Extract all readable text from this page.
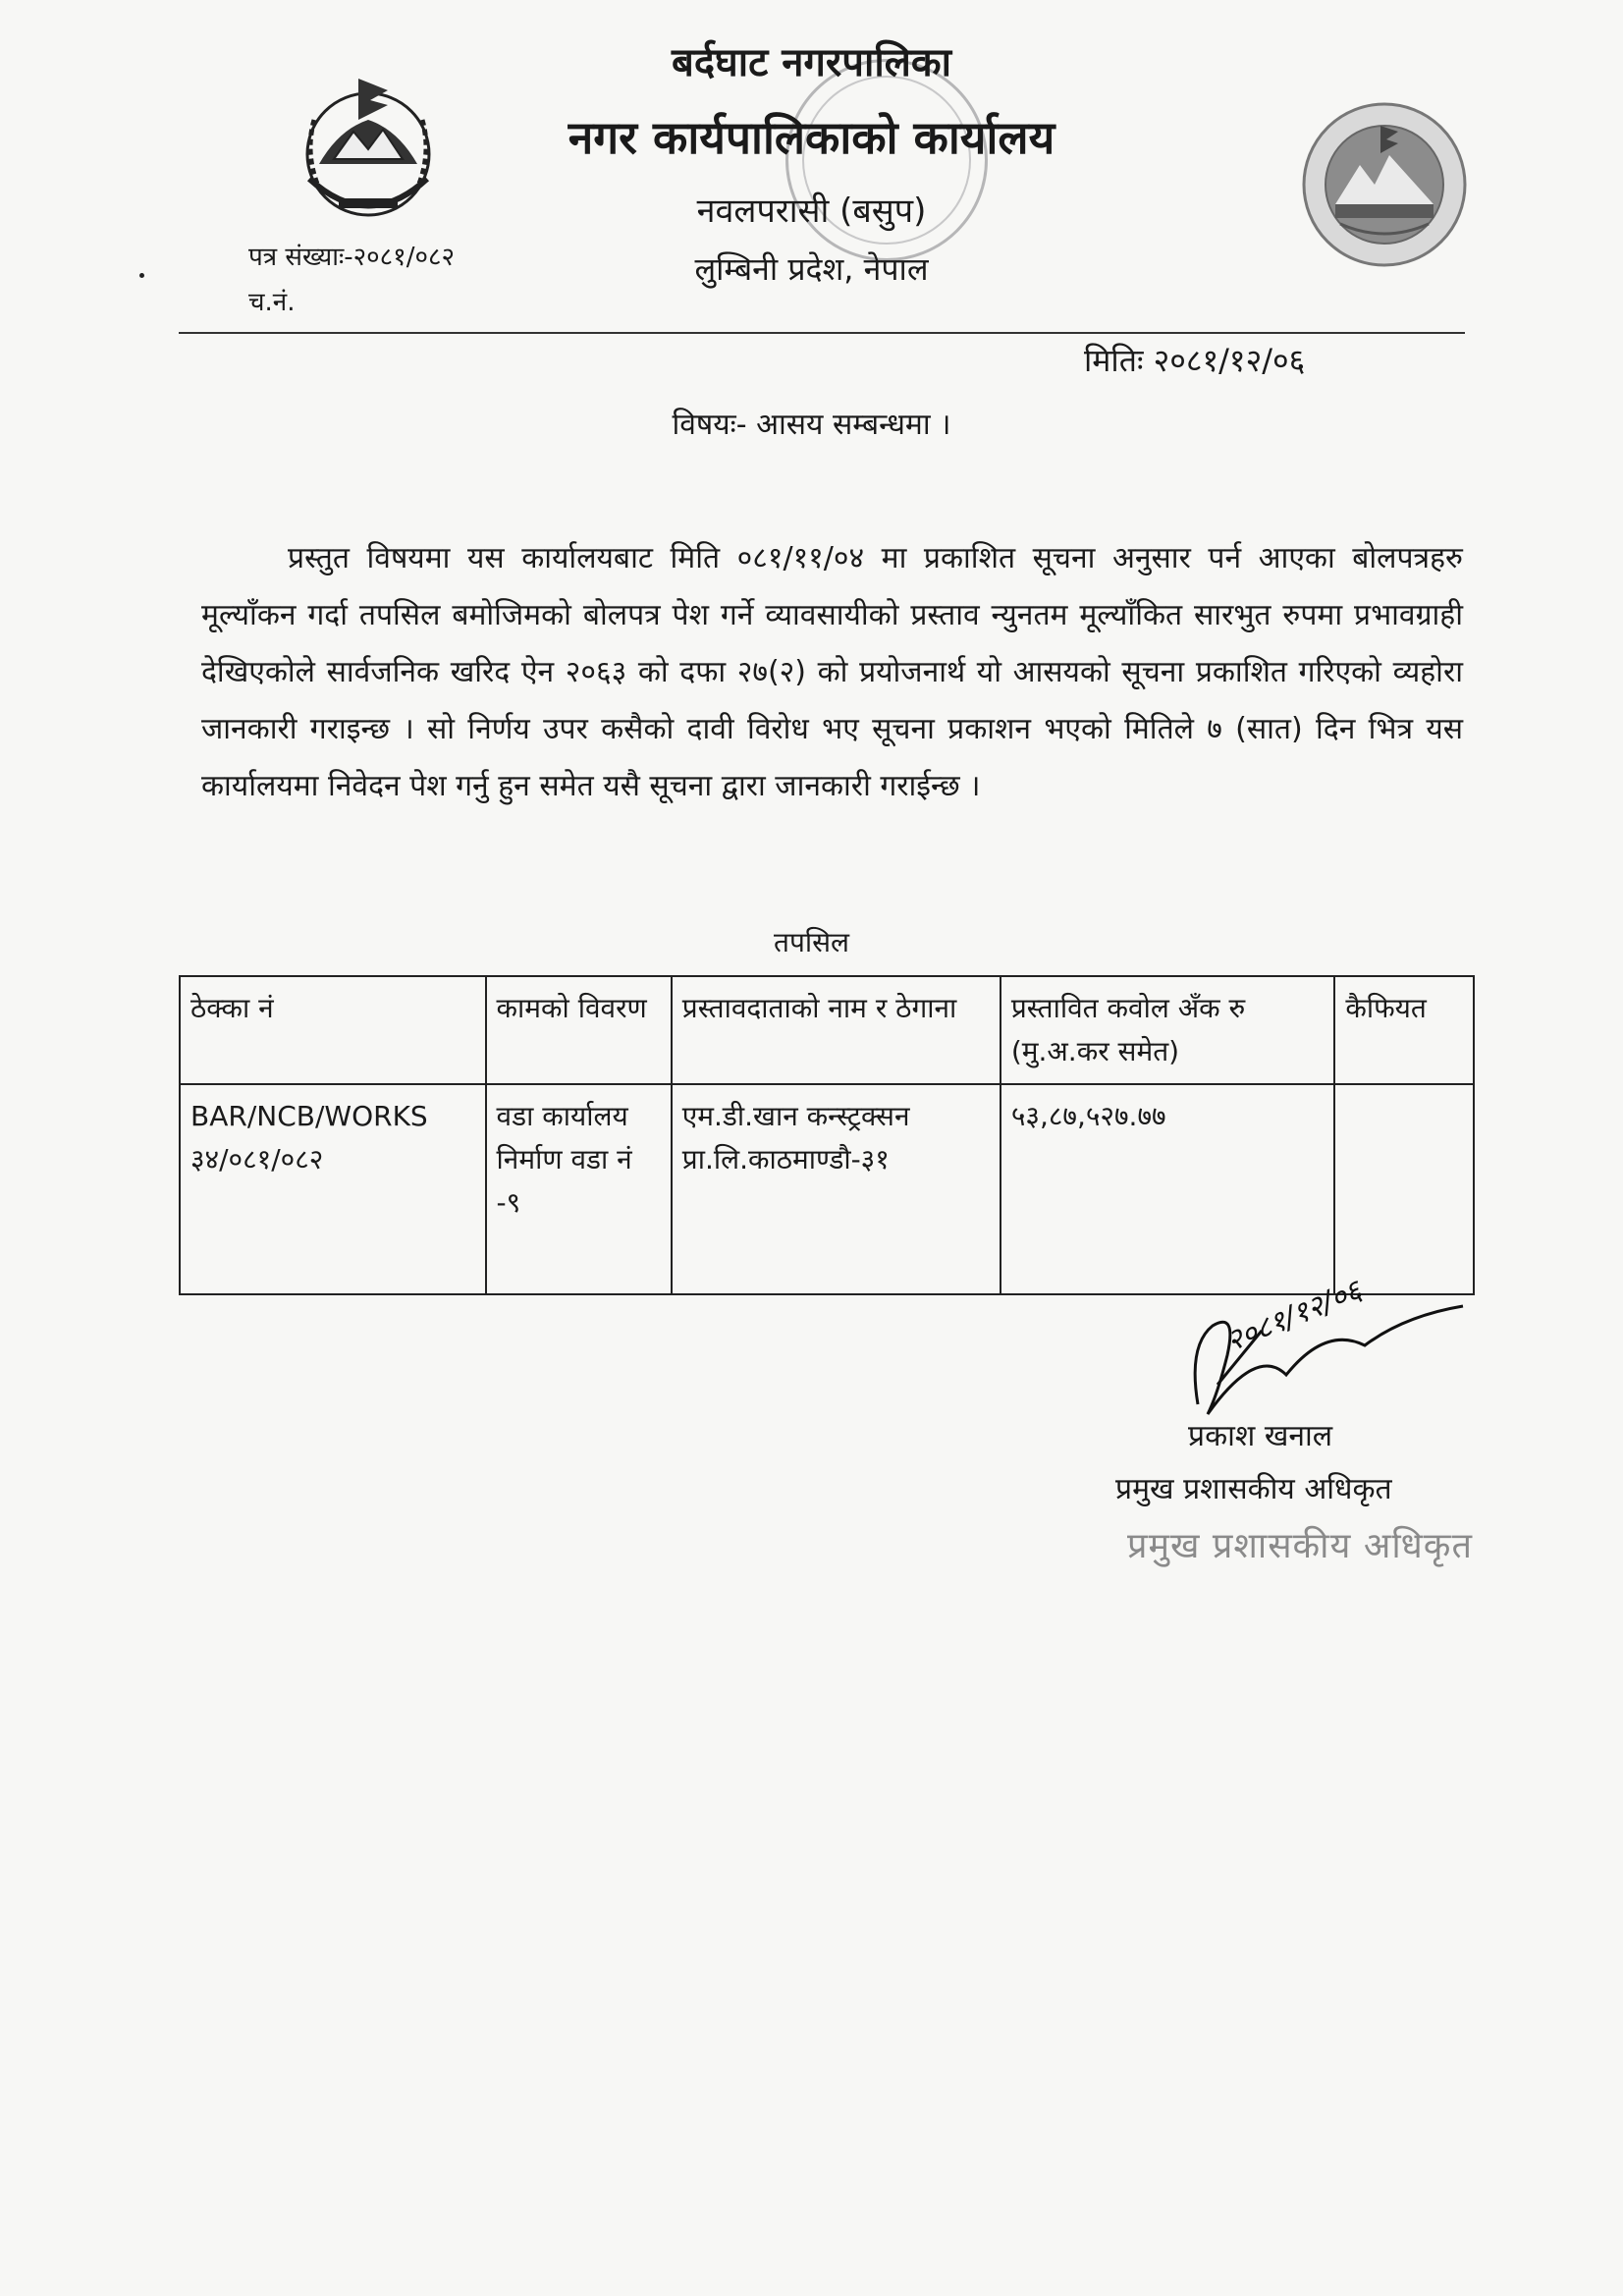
बर्दघाट नगरपालिका
नगर कार्यपालिकाको कार्यालय
नवलपरासी (बसुप)
लुम्बिनी प्रदेश, नेपाल
पत्र संख्याः-२०८१/०८२
च.नं.
मितिः २०८१/१२/०६
विषयः- आसय सम्बन्धमा ।
प्रस्तुत विषयमा यस कार्यालयबाट मिति ०८१/११/०४ मा प्रकाशित सूचना अनुसार पर्न आएका बोलपत्रहरु मूल्याँकन गर्दा तपसिल बमोजिमको बोलपत्र पेश गर्ने व्यावसायीको प्रस्ताव न्युनतम मूल्याँकित सारभुत रुपमा प्रभावग्राही देखिएकोले सार्वजनिक खरिद ऐन २०६३ को दफा २७(२) को प्रयोजनार्थ यो आसयको सूचना प्रकाशित गरिएको व्यहोरा जानकारी गराइन्छ । सो निर्णय उपर कसैको दावी विरोध भए सूचना प्रकाशन भएको मितिले ७ (सात) दिन भित्र यस कार्यालयमा निवेदन पेश गर्नु हुन समेत यसै सूचना द्वारा जानकारी गराईन्छ ।
तपसिल
ठेक्का नं	कामको विवरण	प्रस्तावदाताको नाम र ठेगाना	प्रस्तावित कवोल अँक रु (मु.अ.कर समेत)	कैफियत
BAR/NCB/WORKS ३४/०८१/०८२	वडा कार्यालय निर्माण वडा नं -९	एम.डी.खान कन्स्ट्रक्सन प्रा.लि.काठमाण्डौ-३१	५३,८७,५२७.७७	
२०८१/१२/०६
प्रकाश खनाल
प्रमुख प्रशासकीय अधिकृत
प्रमुख प्रशासकीय अधिकृत
